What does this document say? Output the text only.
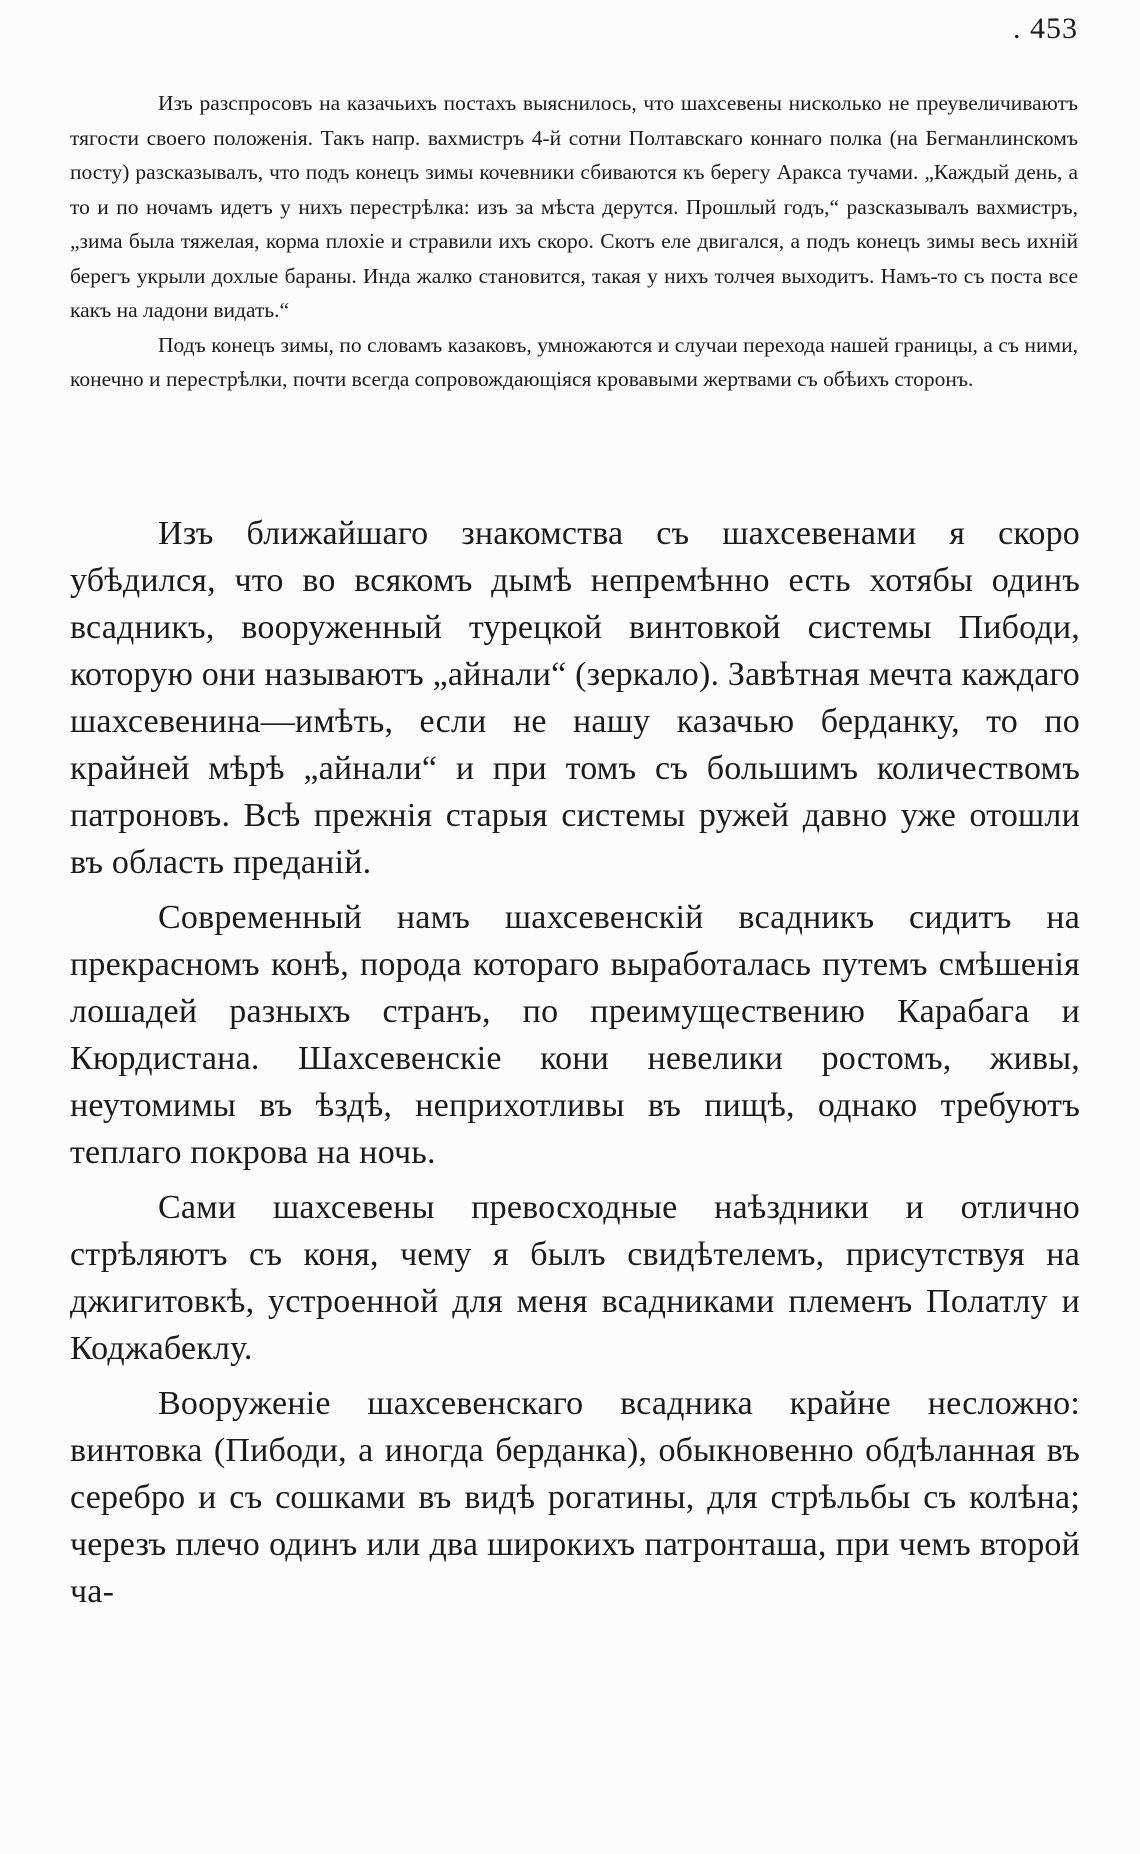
. 453

Изъ разспросовъ на казачьихъ постахъ выяснилось, что шахсевены нисколько не преувеличиваютъ тягости своего положенія. Такъ напр. вахмистръ 4-й сотни Полтавскаго коннаго полка (на Бегманлинскомъ посту) разсказывалъ, что подъ конецъ зимы кочевники сбиваются къ берегу Аракса тучами. „Каждый день, а то и по ночамъ идетъ у нихъ перестрѣлка: изъ за мѣста дерутся. Прошлый годъ,“ разсказывалъ вахмистръ, „зима была тяжелая, корма плохіе и стравили ихъ скоро. Скотъ еле двигался, а подъ конецъ зимы весь ихній берегъ укрыли дохлые бараны. Инда жалко становится, такая у нихъ толчея выходитъ. Намъ-то съ поста все какъ на ладони видать.“

Подъ конецъ зимы, по словамъ казаковъ, умножаются и случаи перехода нашей границы, а съ ними, конечно и перестрѣлки, почти всегда сопровождающіяся кровавыми жертвами съ обѣихъ сторонъ.

Изъ ближайшаго знакомства съ шахсевенами я скоро убѣдился, что во всякомъ дымѣ непремѣнно есть хотябы одинъ всадникъ, вооруженный турецкой винтовкой системы Пибоди, которую они называютъ „айнали“ (зеркало). Завѣтная мечта каждаго шахсевенина—имѣть, если не нашу казачью берданку, то по крайней мѣрѣ „айнали“ и при томъ съ большимъ количествомъ патроновъ. Всѣ прежнія старыя системы ружей давно уже отошли въ область преданій.

Современный намъ шахсевенскій всадникъ сидитъ на прекрасномъ конѣ, порода котораго выработалась путемъ смѣшенія лошадей разныхъ странъ, по преимуществению Карабага и Кюрдистана. Шахсевенскіе кони невелики ростомъ, живы, неутомимы въ ѣздѣ, неприхотливы въ пищѣ, однако требуютъ теплаго покрова на ночь.

Сами шахсевены превосходные наѣздники и отлично стрѣляютъ съ коня, чему я былъ свидѣтелемъ, присутствуя на джигитовкѣ, устроенной для меня всадниками племенъ Полатлу и Коджабеклу.

Вооруженіе шахсевенскаго всадника крайне несложно: винтовка (Пибоди, а иногда берданка), обыкновенно обдѣланная въ серебро и съ сошками въ видѣ рогатины, для стрѣльбы съ колѣна; черезъ плечо одинъ или два широкихъ патронташа, при чемъ второй ча-
